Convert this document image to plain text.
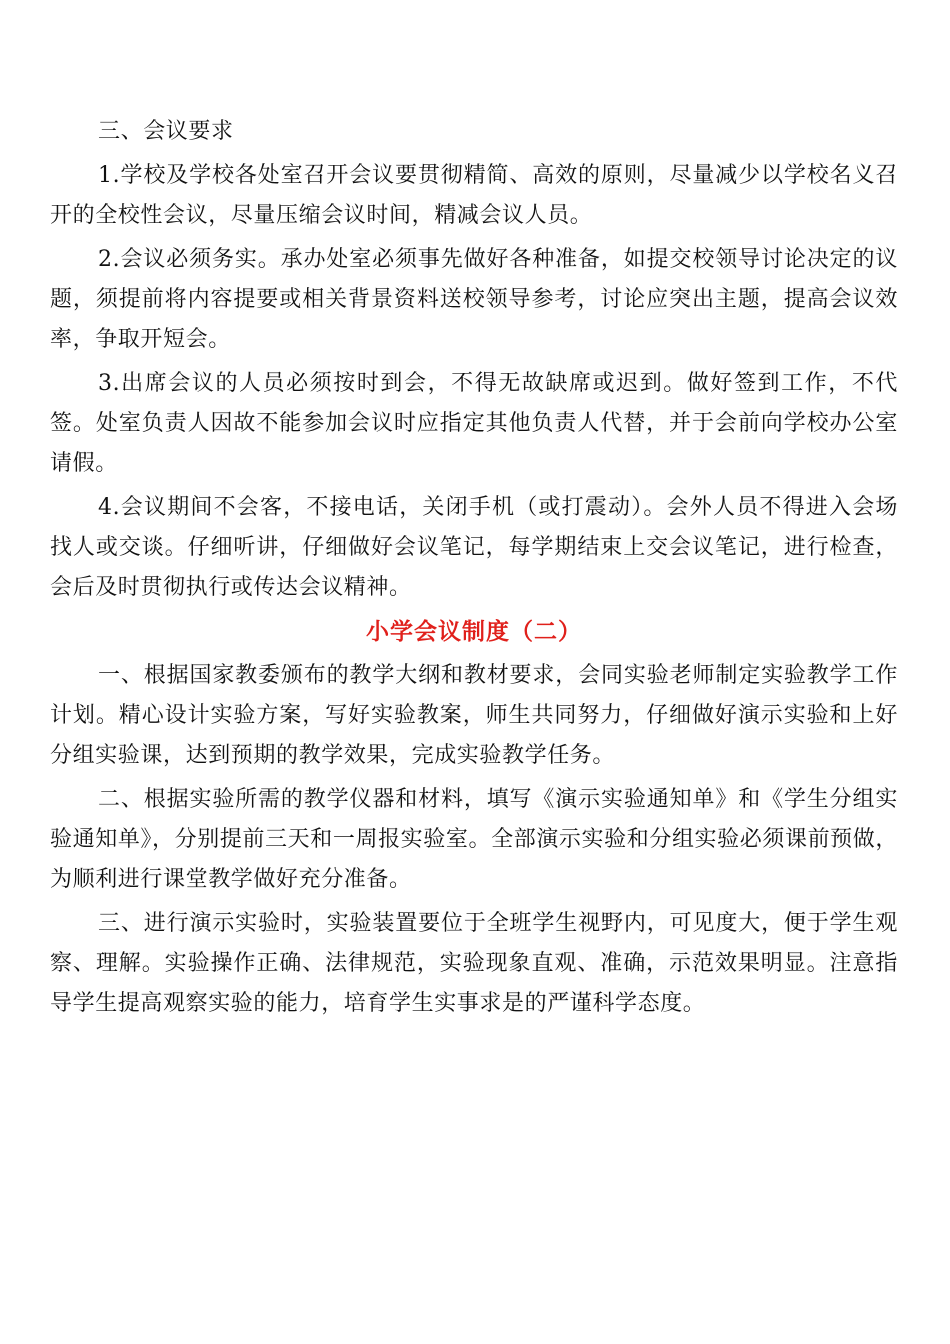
三、会议要求

1.学校及学校各处室召开会议要贯彻精简、高效的原则，尽量减少以学校名义召开的全校性会议，尽量压缩会议时间，精减会议人员。

2.会议必须务实。承办处室必须事先做好各种准备，如提交校领导讨论决定的议题，须提前将内容提要或相关背景资料送校领导参考，讨论应突出主题，提高会议效率，争取开短会。

3.出席会议的人员必须按时到会，不得无故缺席或迟到。做好签到工作，不代签。处室负责人因故不能参加会议时应指定其他负责人代替，并于会前向学校办公室请假。

4.会议期间不会客，不接电话，关闭手机（或打震动）。会外人员不得进入会场找人或交谈。仔细听讲，仔细做好会议笔记，每学期结束上交会议笔记，进行检查，会后及时贯彻执行或传达会议精神。

小学会议制度（二）

一、根据国家教委颁布的教学大纲和教材要求，会同实验老师制定实验教学工作计划。精心设计实验方案，写好实验教案，师生共同努力，仔细做好演示实验和上好分组实验课，达到预期的教学效果，完成实验教学任务。

二、根据实验所需的教学仪器和材料，填写《演示实验通知单》和《学生分组实验通知单》，分别提前三天和一周报实验室。全部演示实验和分组实验必须课前预做，为顺利进行课堂教学做好充分准备。

三、进行演示实验时，实验装置要位于全班学生视野内，可见度大，便于学生观察、理解。实验操作正确、法律规范，实验现象直观、准确，示范效果明显。注意指导学生提高观察实验的能力，培育学生实事求是的严谨科学态度。
